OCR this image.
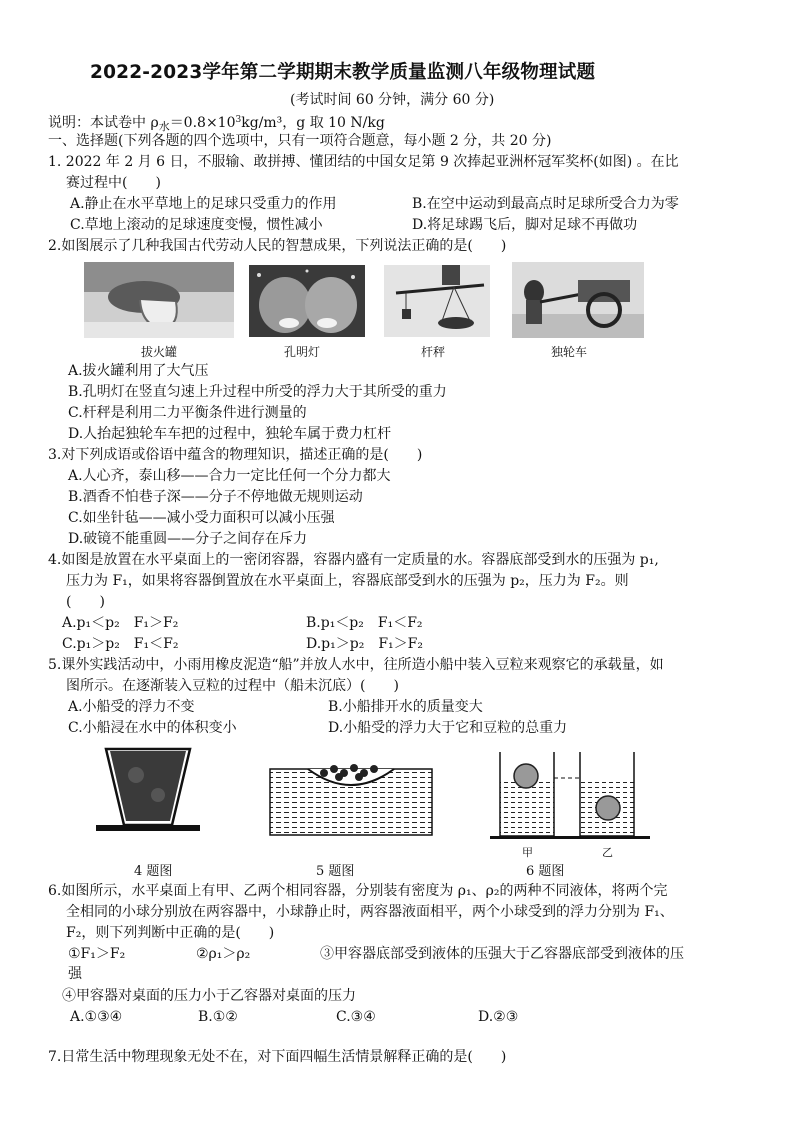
2022-2023学年第二学期期末教学质量监测八年级物理试题
(考试时间 60 分钟，满分 60 分)
说明：本试卷中 $\rho_水=0.8\times 10^3kg/m^3$，g 取 10 N/kg
一、选择题(下列各题的四个选项中，只有一项符合题意，每小题 2 分，共 20 分)
1. 2022 年 2 月 6 日，不服输、敢拼搏、懂团结的中国女足第 9 次捧起亚洲杯冠军奖杯(如图) 。在比
赛过程中(　　)
A.静止在水平草地上的足球只受重力的作用	B.在空中运动到最高点时足球所受合力为零
C.草地上滚动的足球速度变慢，惯性减小	D.将足球踢飞后，脚对足球不再做功
2.如图展示了几种我国古代劳动人民的智慧成果，下列说法正确的是(　　)
拔火罐	孔明灯	杆秤	独轮车
A.拔火罐利用了大气压
B.孔明灯在竖直匀速上升过程中所受的浮力大于其所受的重力
C.杆秤是利用二力平衡条件进行测量的
D.人抬起独轮车车把的过程中，独轮车属于费力杠杆
3.对下列成语或俗语中蕴含的物理知识，描述正确的是(　　)
A.人心齐，泰山移——合力一定比任何一个分力都大
B.酒香不怕巷子深——分子不停地做无规则运动
C.如坐针毡——减小受力面积可以减小压强
D.破镜不能重圆——分子之间存在斥力
4.如图是放置在水平桌面上的一密闭容器，容器内盛有一定质量的水。容器底部受到水的压强为 p₁,
压力为 F₁，如果将容器倒置放在水平桌面上，容器底部受到水的压强为 p₂，压力为 F₂。则
(　　)
A.p₁＜p₂　F₁＞F₂	B.p₁＜p₂　F₁＜F₂
C.p₁＞p₂　F₁＜F₂	D.p₁＞p₂　F₁＞F₂
5.课外实践活动中，小雨用橡皮泥造“船”并放人水中，往所造小船中装入豆粒来观察它的承载量，如
图所示。在逐渐装入豆粒的过程中（船未沉底）(　　)
A.小船受的浮力不变	B.小船排开水的质量变大
C.小船浸在水中的体积变小	D.小船受的浮力大于它和豆粒的总重力
4 题图	5 题图
甲	乙
6 题图
6.如图所示，水平桌面上有甲、乙两个相同容器，分别装有密度为 ρ₁、ρ₂的两种不同液体，将两个完
全相同的小球分别放在两容器中，小球静止时，两容器液面相平，两个小球受到的浮力分别为 F₁、
F₂，则下列判断中正确的是(　　)
①F₁＞F₂	②ρ₁＞ρ₂	③甲容器底部受到液体的压强大于乙容器底部受到液体的压
强
④甲容器对桌面的压力小于乙容器对桌面的压力
A.①③④	B.①②	C.③④	D.②③
7.日常生活中物理现象无处不在，对下面四幅生活情景解释正确的是(　　)
